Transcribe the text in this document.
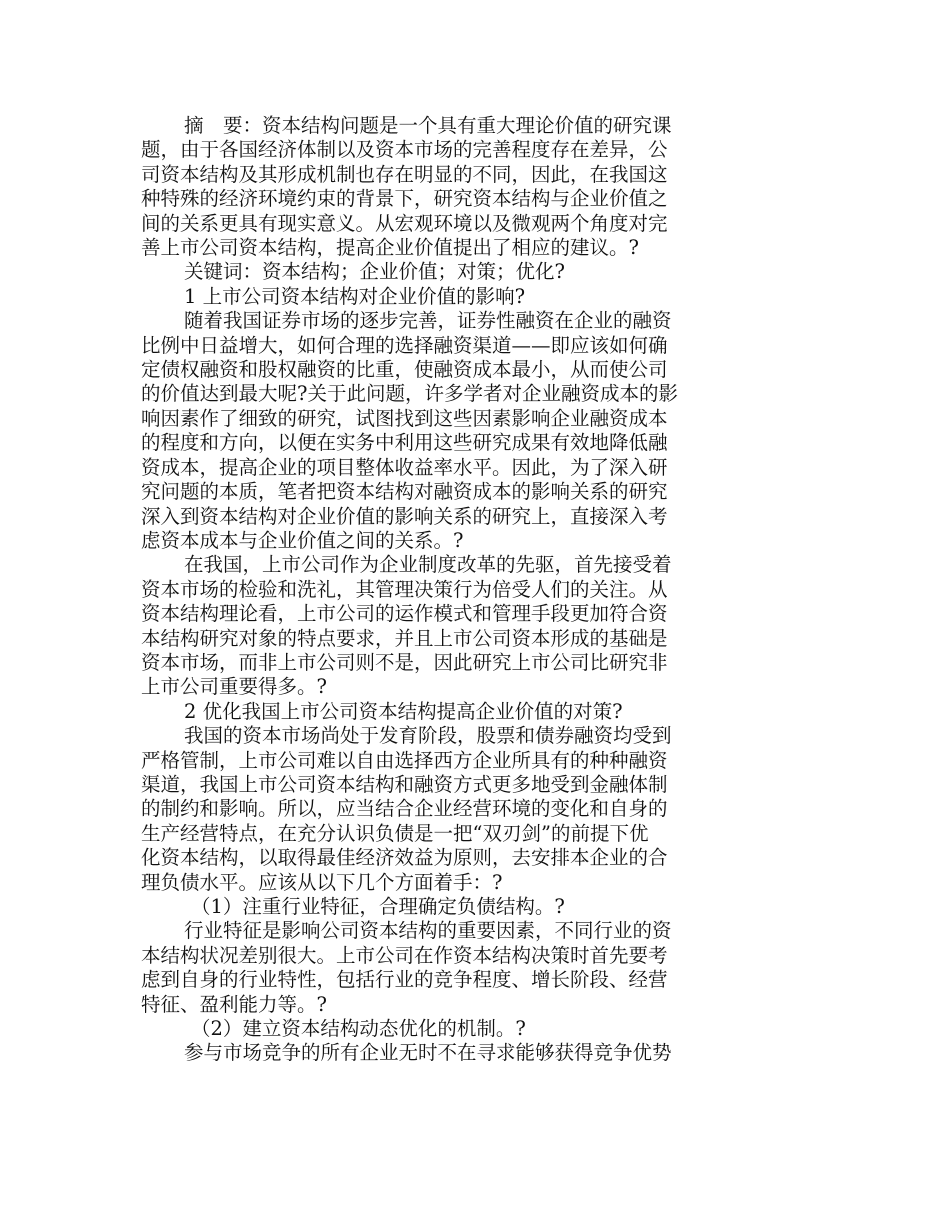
摘　要：资本结构问题是一个具有重大理论价值的研究课
题，由于各国经济体制以及资本市场的完善程度存在差异，公
司资本结构及其形成机制也存在明显的不同，因此，在我国这
种特殊的经济环境约束的背景下，研究资本结构与企业价值之
间的关系更具有现实意义。从宏观环境以及微观两个角度对完
善上市公司资本结构，提高企业价值提出了相应的建议。?
关键词：资本结构；企业价值；对策；优化?
1 上市公司资本结构对企业价值的影响?
随着我国证券市场的逐步完善，证券性融资在企业的融资
比例中日益增大，如何合理的选择融资渠道——即应该如何确
定债权融资和股权融资的比重，使融资成本最小，从而使公司
的价值达到最大呢?关于此问题，许多学者对企业融资成本的影
响因素作了细致的研究，试图找到这些因素影响企业融资成本
的程度和方向，以便在实务中利用这些研究成果有效地降低融
资成本，提高企业的项目整体收益率水平。因此，为了深入研
究问题的本质，笔者把资本结构对融资成本的影响关系的研究
深入到资本结构对企业价值的影响关系的研究上，直接深入考
虑资本成本与企业价值之间的关系。?
在我国，上市公司作为企业制度改革的先驱，首先接受着
资本市场的检验和洗礼，其管理决策行为倍受人们的关注。从
资本结构理论看，上市公司的运作模式和管理手段更加符合资
本结构研究对象的特点要求，并且上市公司资本形成的基础是
资本市场，而非上市公司则不是，因此研究上市公司比研究非
上市公司重要得多。?
2 优化我国上市公司资本结构提高企业价值的对策?
我国的资本市场尚处于发育阶段，股票和债券融资均受到
严格管制，上市公司难以自由选择西方企业所具有的种种融资
渠道，我国上市公司资本结构和融资方式更多地受到金融体制
的制约和影响。所以，应当结合企业经营环境的变化和自身的
生产经营特点，在充分认识负债是一把“双刃剑”的前提下优
化资本结构，以取得最佳经济效益为原则，去安排本企业的合
理负债水平。应该从以下几个方面着手：?
（1）注重行业特征，合理确定负债结构。?
行业特征是影响公司资本结构的重要因素，不同行业的资
本结构状况差别很大。上市公司在作资本结构决策时首先要考
虑到自身的行业特性，包括行业的竞争程度、增长阶段、经营
特征、盈利能力等。?
（2）建立资本结构动态优化的机制。?
参与市场竞争的所有企业无时不在寻求能够获得竞争优势
